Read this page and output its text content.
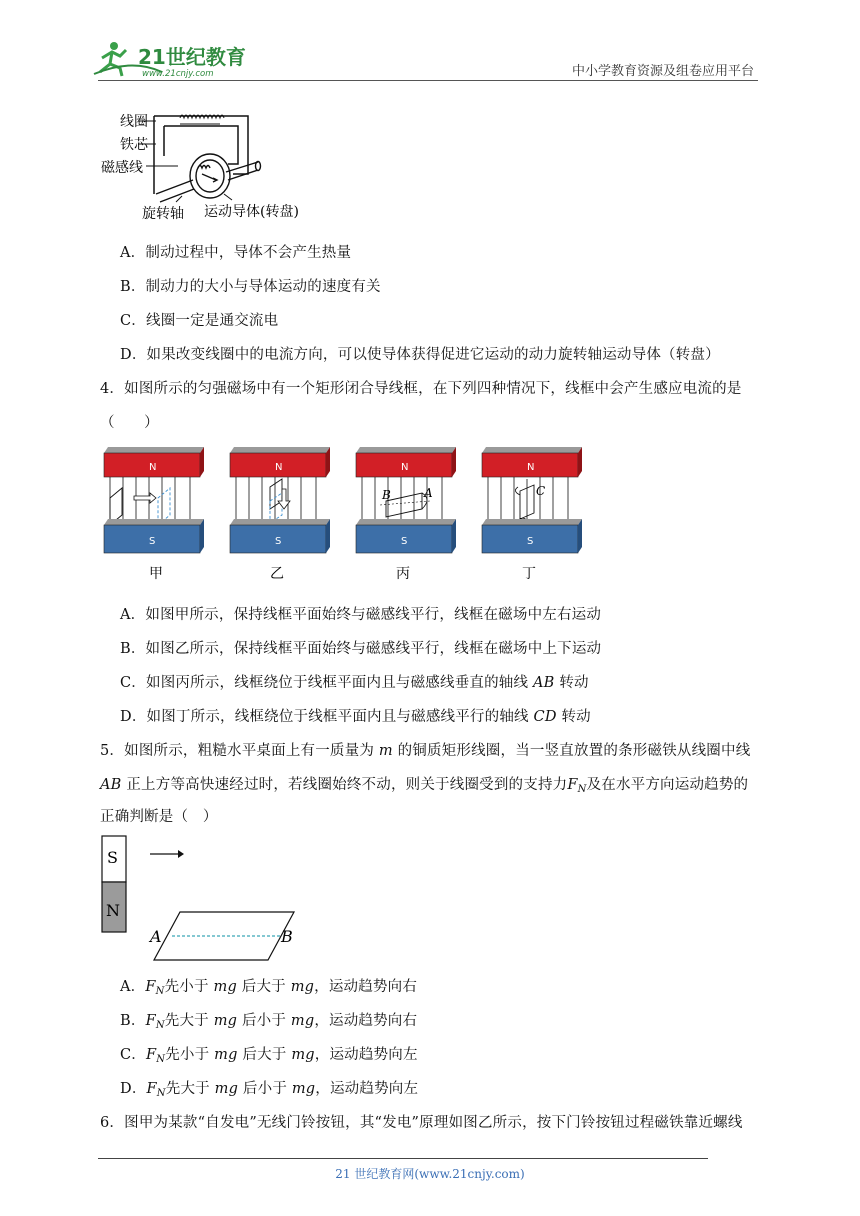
21世纪教育
www.21cnjy.com	中小学教育资源及组卷应用平台
线圈
铁芯
磁感线
旋转轴 运动导体(转盘)
A．制动过程中，导体不会产生热量
B．制动力的大小与导体运动的速度有关
C．线圈一定是通交流电
D．如果改变线圈中的电流方向，可以使导体获得促进它运动的动力旋转轴运动导体（转盘）
4．如图所示的匀强磁场中有一个矩形闭合导线框，在下列四种情况下，线框中会产生感应电流的是
（　　）
N
S
甲
N
S
乙
N
B	A
S
丙
N
C
S
丁
A．如图甲所示，保持线框平面始终与磁感线平行，线框在磁场中左右运动
B．如图乙所示，保持线框平面始终与磁感线平行，线框在磁场中上下运动
C．如图丙所示，线框绕位于线框平面内且与磁感线垂直的轴线 AB 转动
D．如图丁所示，线框绕位于线框平面内且与磁感线平行的轴线 CD 转动
5．如图所示，粗糙水平桌面上有一质量为 m 的铜质矩形线圈，当一竖直放置的条形磁铁从线圈中线
AB 正上方等高快速经过时，若线圈始终不动，则关于线圈受到的支持力$F_N$及在水平方向运动趋势的
正确判断是（　）
S
N
A	B
A．$F_N$先小于 mg 后大于 mg，运动趋势向右
B．$F_N$先大于 mg 后小于 mg，运动趋势向右
C．$F_N$先小于 mg 后大于 mg，运动趋势向左
D．$F_N$先大于 mg 后小于 mg，运动趋势向左
6．图甲为某款“自发电”无线门铃按钮，其“发电”原理如图乙所示，按下门铃按钮过程磁铁靠近螺线
21 世纪教育网(www.21cnjy.com)
